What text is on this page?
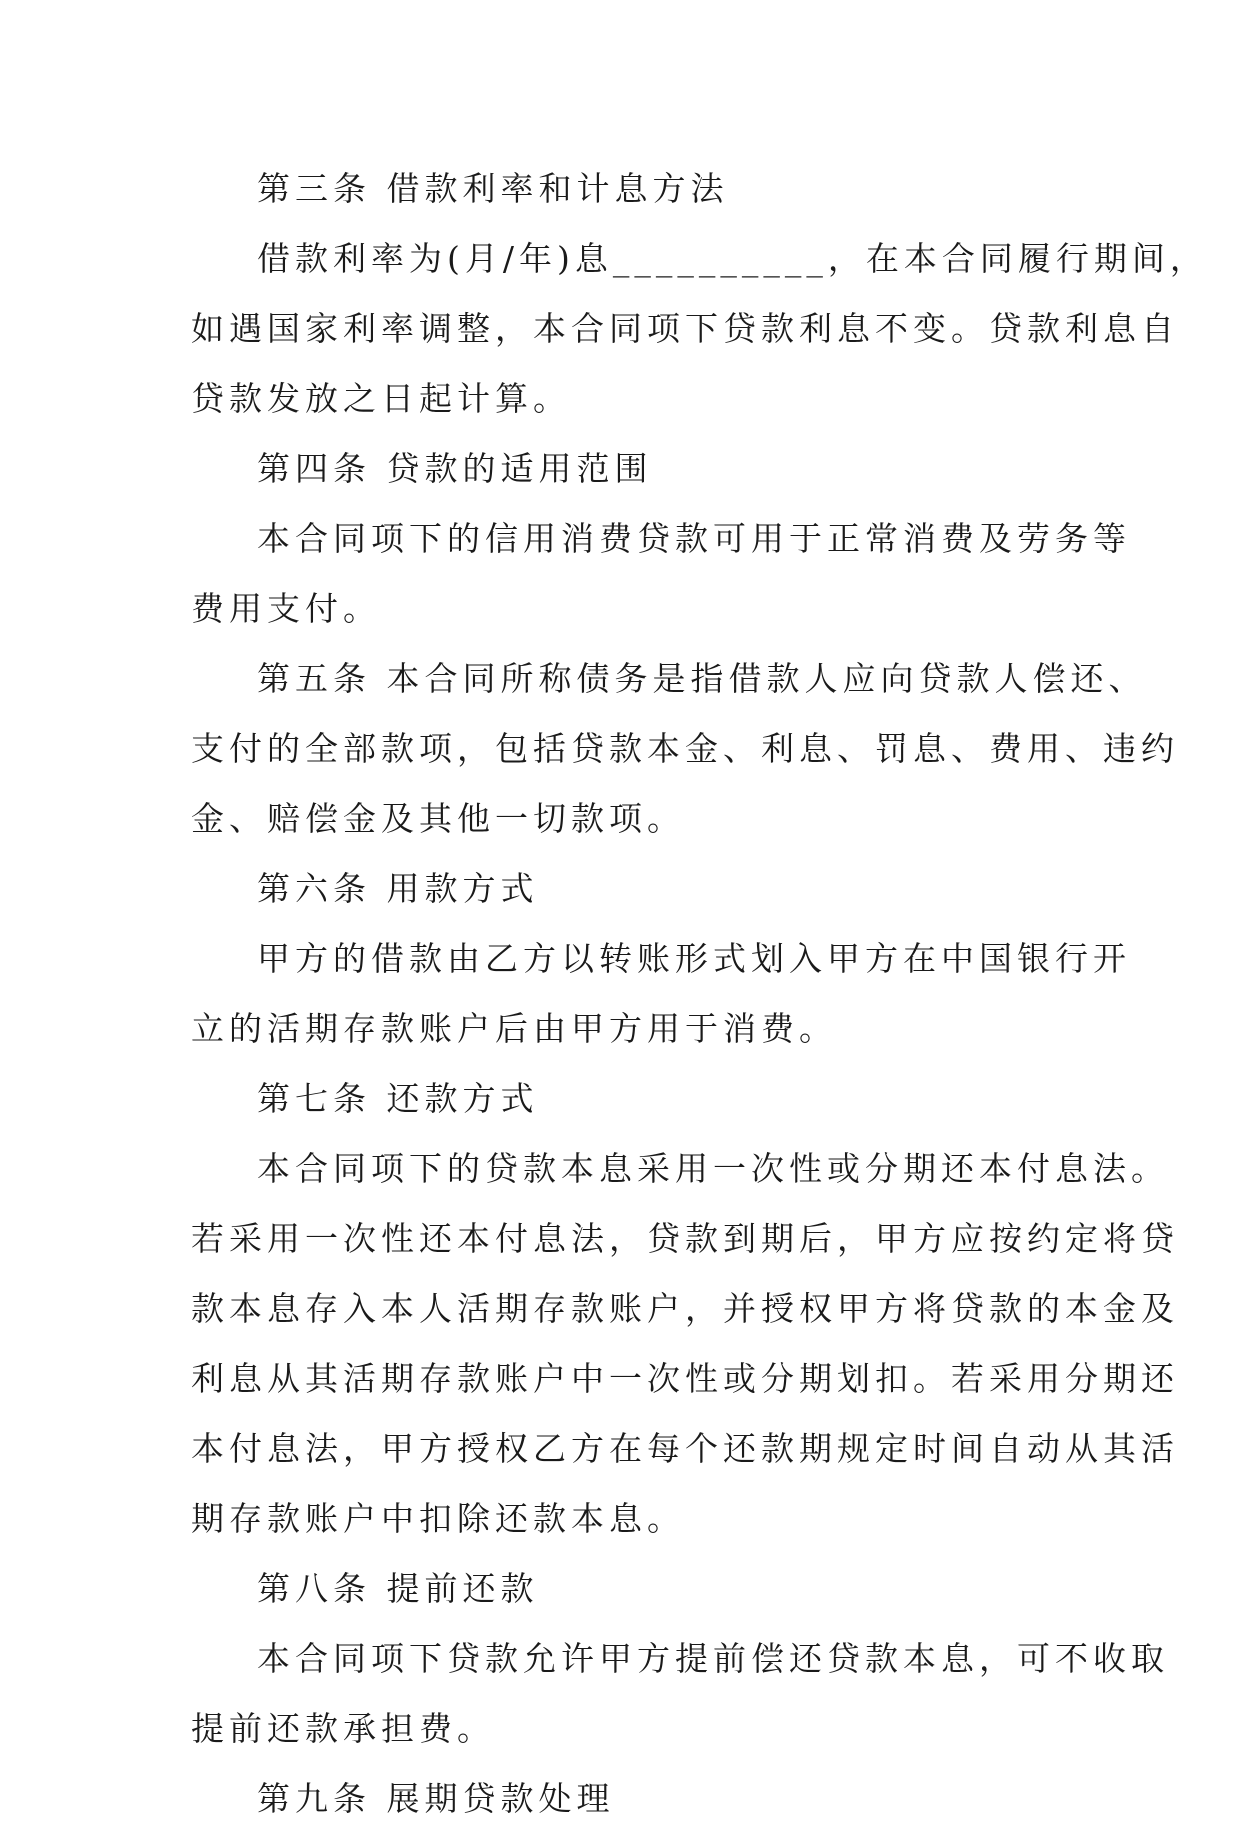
第三条 借款利率和计息方法
借款利率为(月/年)息__________，在本合同履行期间，
如遇国家利率调整，本合同项下贷款利息不变。贷款利息自
贷款发放之日起计算。
第四条 贷款的适用范围
本合同项下的信用消费贷款可用于正常消费及劳务等
费用支付。
第五条 本合同所称债务是指借款人应向贷款人偿还、
支付的全部款项，包括贷款本金、利息、罚息、费用、违约
金、赔偿金及其他一切款项。
第六条 用款方式
甲方的借款由乙方以转账形式划入甲方在中国银行开
立的活期存款账户后由甲方用于消费。
第七条 还款方式
本合同项下的贷款本息采用一次性或分期还本付息法。
若采用一次性还本付息法，贷款到期后，甲方应按约定将贷
款本息存入本人活期存款账户，并授权甲方将贷款的本金及
利息从其活期存款账户中一次性或分期划扣。若采用分期还
本付息法，甲方授权乙方在每个还款期规定时间自动从其活
期存款账户中扣除还款本息。
第八条 提前还款
本合同项下贷款允许甲方提前偿还贷款本息，可不收取
提前还款承担费。
第九条 展期贷款处理
